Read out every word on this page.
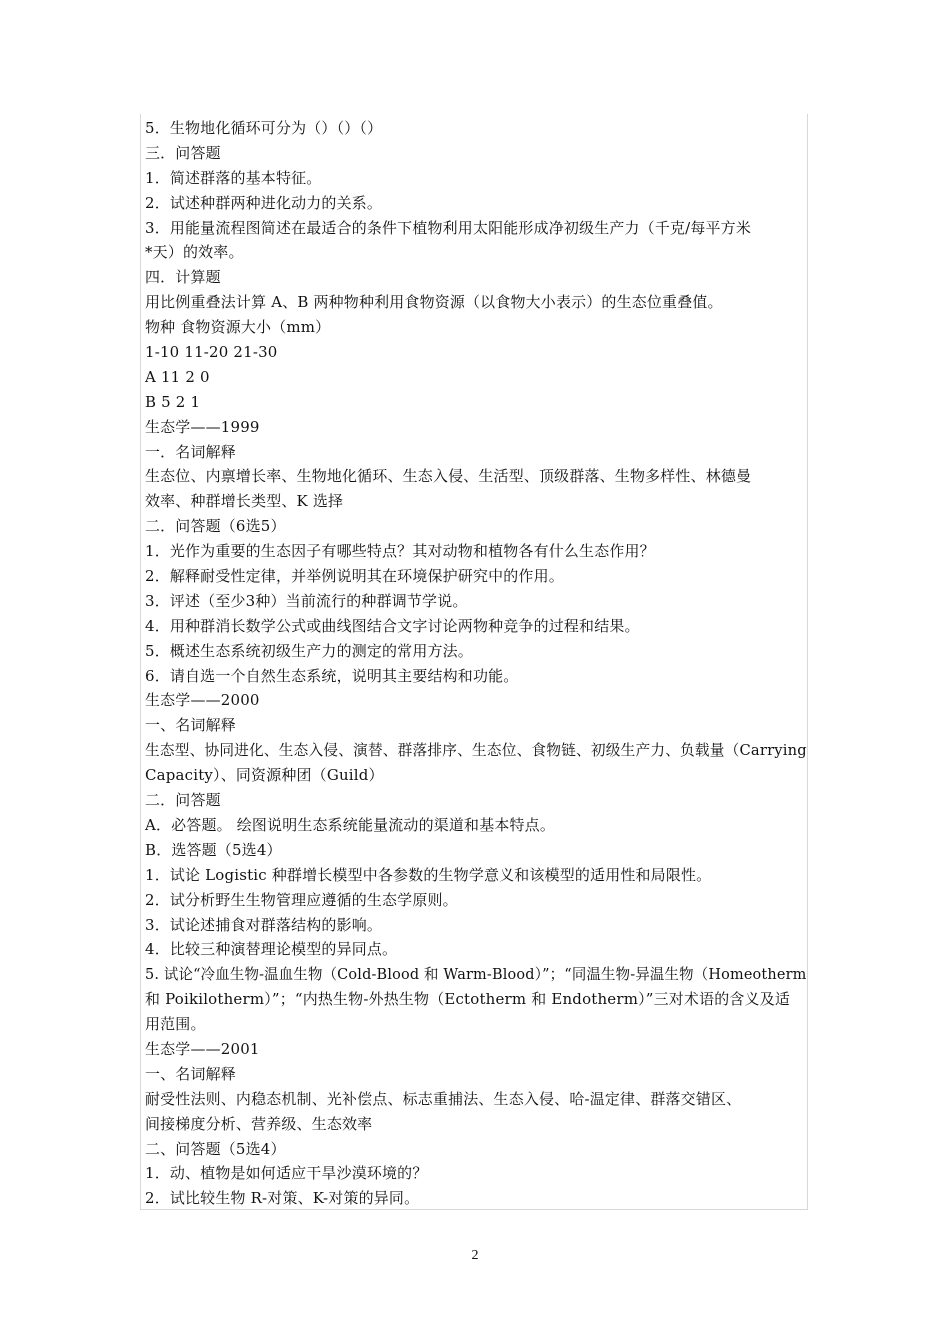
5．生物地化循环可分为（）（）（）
三．问答题
1．简述群落的基本特征。
2．试述种群两种进化动力的关系。
3．用能量流程图简述在最适合的条件下植物利用太阳能形成净初级生产力（千克/每平方米
*天）的效率。
四．计算题
用比例重叠法计算 A、B 两种物种利用食物资源（以食物大小表示）的生态位重叠值。
物种 食物资源大小（mm）
1-10 11-20 21-30
A 11 2 0
B 5 2 1
生态学——1999
一．名词解释
生态位、内禀增长率、生物地化循环、生态入侵、生活型、顶级群落、生物多样性、林德曼
效率、种群增长类型、K 选择
二．问答题（6选5）
1．光作为重要的生态因子有哪些特点？其对动物和植物各有什么生态作用？
2．解释耐受性定律，并举例说明其在环境保护研究中的作用。
3．评述（至少3种）当前流行的种群调节学说。
4．用种群消长数学公式或曲线图结合文字讨论两物种竞争的过程和结果。
5．概述生态系统初级生产力的测定的常用方法。
6．请自选一个自然生态系统，说明其主要结构和功能。
生态学——2000
一、名词解释
生态型、协同进化、生态入侵、演替、群落排序、生态位、食物链、初级生产力、负载量（Carrying
Capacity）、同资源种团（Guild）
二．问答题
A．必答题。 绘图说明生态系统能量流动的渠道和基本特点。
B．选答题（5选4）
1．试论 Logistic 种群增长模型中各参数的生物学意义和该模型的适用性和局限性。
2．试分析野生生物管理应遵循的生态学原则。
3．试论述捕食对群落结构的影响。
4．比较三种演替理论模型的异同点。
5. 试论“冷血生物-温血生物（Cold-Blood 和 Warm-Blood）”；“同温生物-异温生物（Homeotherm
和 Poikilotherm）”；“内热生物-外热生物（Ectotherm 和 Endotherm）”三对术语的含义及适
用范围。
生态学——2001
一、名词解释
耐受性法则、内稳态机制、光补偿点、标志重捕法、生态入侵、哈-温定律、群落交错区、
间接梯度分析、营养级、生态效率
二、问答题（5选4）
1．动、植物是如何适应干旱沙漠环境的？
2．试比较生物 R-对策、K-对策的异同。
2
